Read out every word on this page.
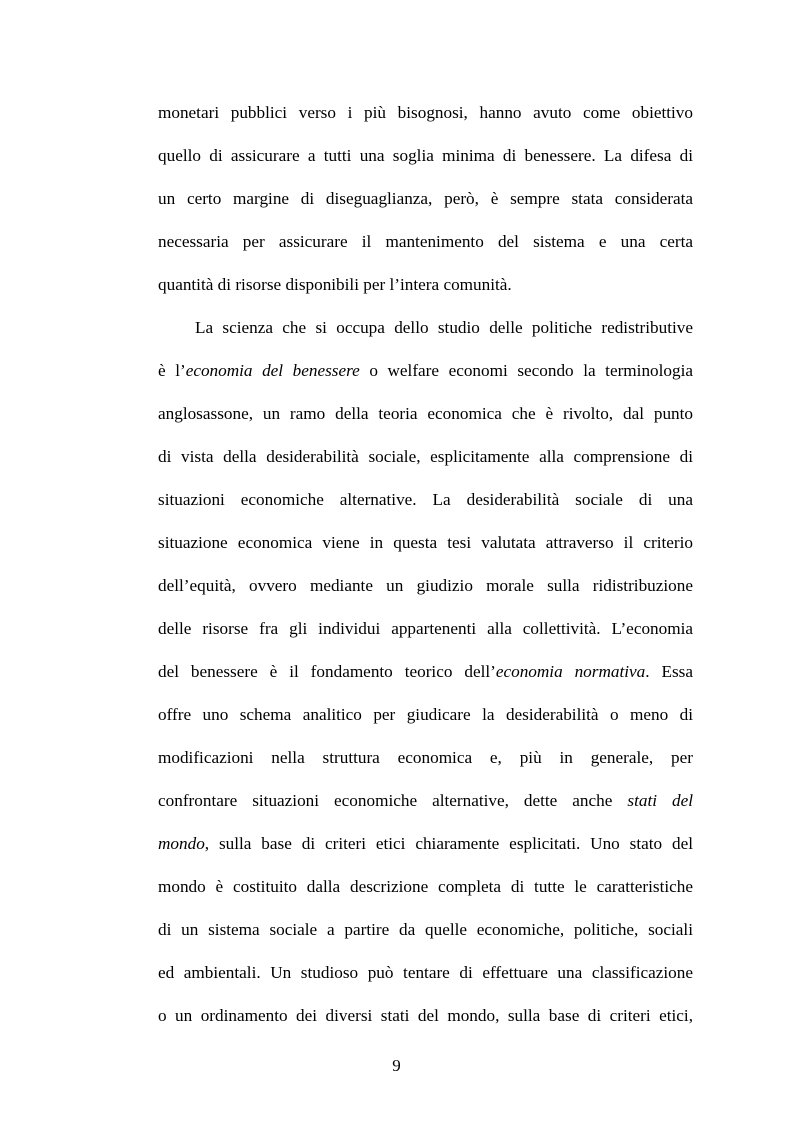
monetari pubblici verso i più bisognosi, hanno avuto come obiettivo
quello di assicurare a tutti una soglia minima di benessere. La difesa di
un certo margine di diseguaglianza, però, è sempre stata considerata
necessaria per assicurare il mantenimento del sistema e una certa
quantità di risorse disponibili per l’intera comunità.
La scienza che si occupa dello studio delle politiche redistributive
è l’economia del benessere o welfare economi secondo la terminologia
anglosassone, un ramo della teoria economica che è rivolto, dal punto
di vista della desiderabilità sociale, esplicitamente alla comprensione di
situazioni economiche alternative. La desiderabilità sociale di una
situazione economica viene in questa tesi valutata attraverso il criterio
dell’equità, ovvero mediante un giudizio morale sulla ridistribuzione
delle risorse fra gli individui appartenenti alla collettività. L’economia
del benessere è il fondamento teorico dell’economia normativa. Essa
offre uno schema analitico per giudicare la desiderabilità o meno di
modificazioni nella struttura economica e, più in generale, per
confrontare situazioni economiche alternative, dette anche stati del
mondo, sulla base di criteri etici chiaramente esplicitati. Uno stato del
mondo è costituito dalla descrizione completa di tutte le caratteristiche
di un sistema sociale a partire da quelle economiche, politiche, sociali
ed ambientali. Un studioso può tentare di effettuare una classificazione
o un ordinamento dei diversi stati del mondo, sulla base di criteri etici,
9
